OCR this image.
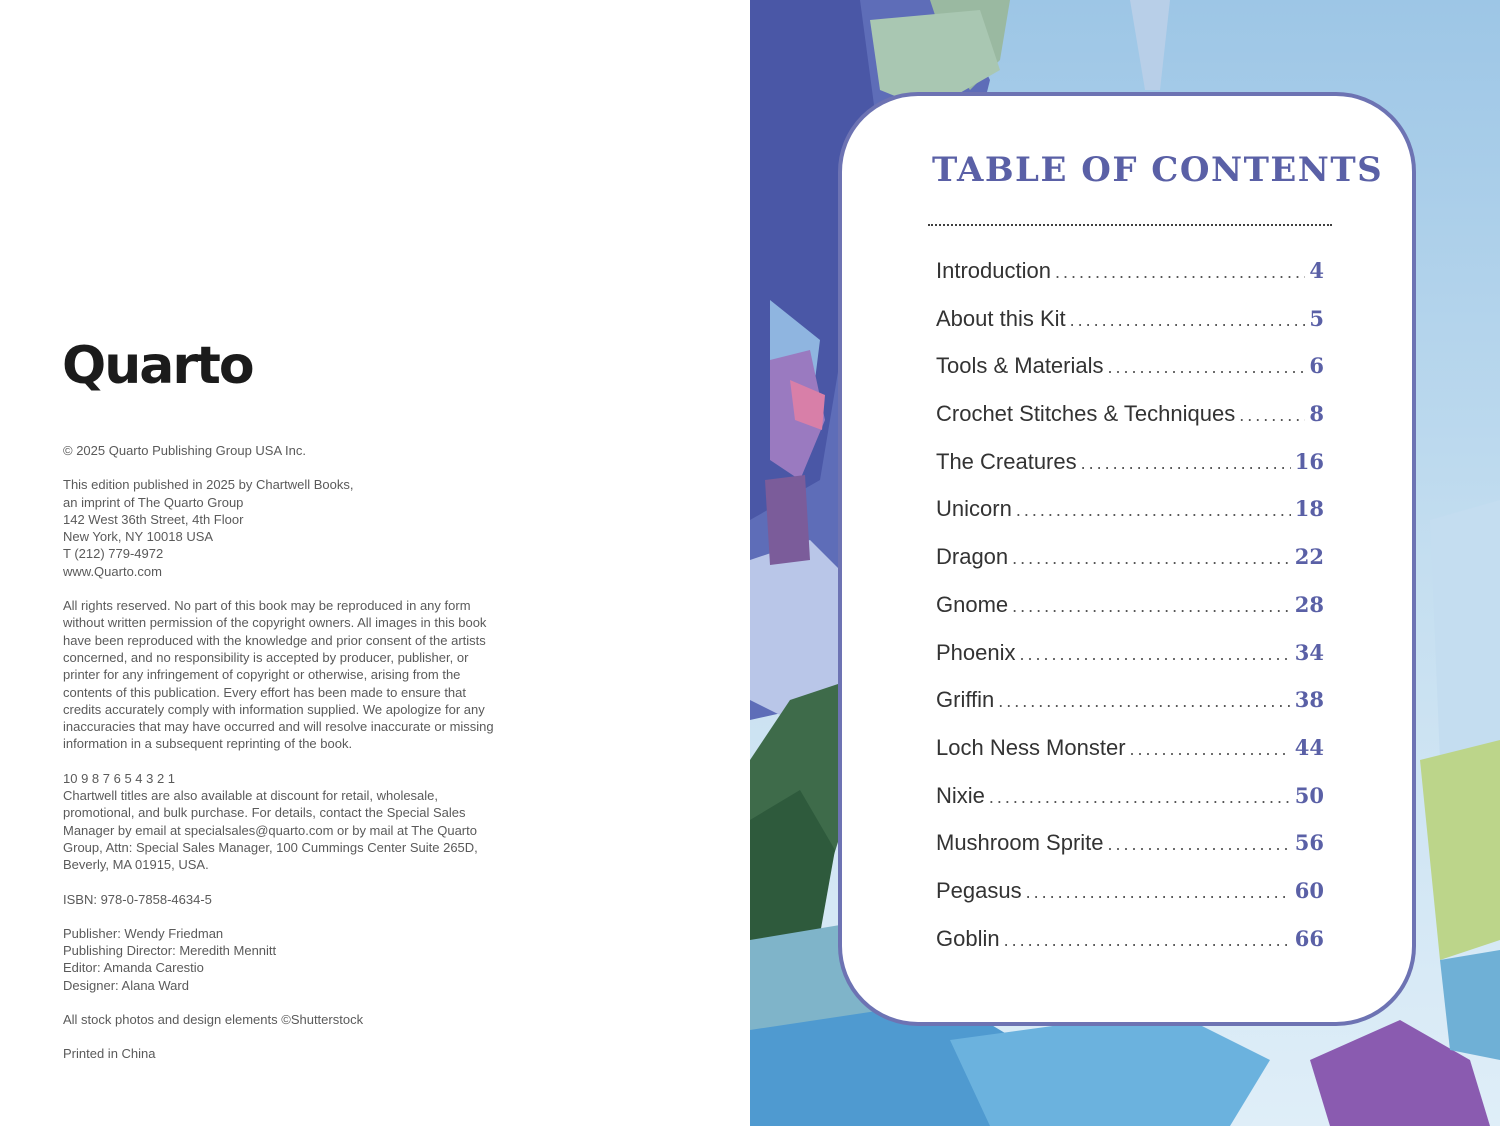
Quarto

© 2025 Quarto Publishing Group USA Inc.

This edition published in 2025 by Chartwell Books,
an imprint of The Quarto Group
142 West 36th Street, 4th Floor
New York, NY 10018 USA
T (212) 779-4972
www.Quarto.com

All rights reserved. No part of this book may be reproduced in any form
without written permission of the copyright owners. All images in this book
have been reproduced with the knowledge and prior consent of the artists
concerned, and no responsibility is accepted by producer, publisher, or
printer for any infringement of copyright or otherwise, arising from the
contents of this publication. Every effort has been made to ensure that
credits accurately comply with information supplied. We apologize for any
inaccuracies that may have occurred and will resolve inaccurate or missing
information in a subsequent reprinting of the book.

10 9 8 7 6 5 4 3 2 1
Chartwell titles are also available at discount for retail, wholesale,
promotional, and bulk purchase. For details, contact the Special Sales
Manager by email at specialsales@quarto.com or by mail at The Quarto
Group, Attn: Special Sales Manager, 100 Cummings Center Suite 265D,
Beverly, MA 01915, USA.

ISBN: 978-0-7858-4634-5

Publisher: Wendy Friedman
Publishing Director: Meredith Mennitt
Editor: Amanda Carestio
Designer: Alana Ward

All stock photos and design elements ©Shutterstock

Printed in China

TABLE OF CONTENTS
Introduction .....	4
About this Kit .....	5
Tools & Materials .....	6
Crochet Stitches & Techniques .....	8
The Creatures .....	16
Unicorn .....	18
Dragon .....	22
Gnome .....	28
Phoenix .....	34
Griffin .....	38
Loch Ness Monster .....	44
Nixie .....	50
Mushroom Sprite .....	56
Pegasus .....	60
Goblin .....	66
